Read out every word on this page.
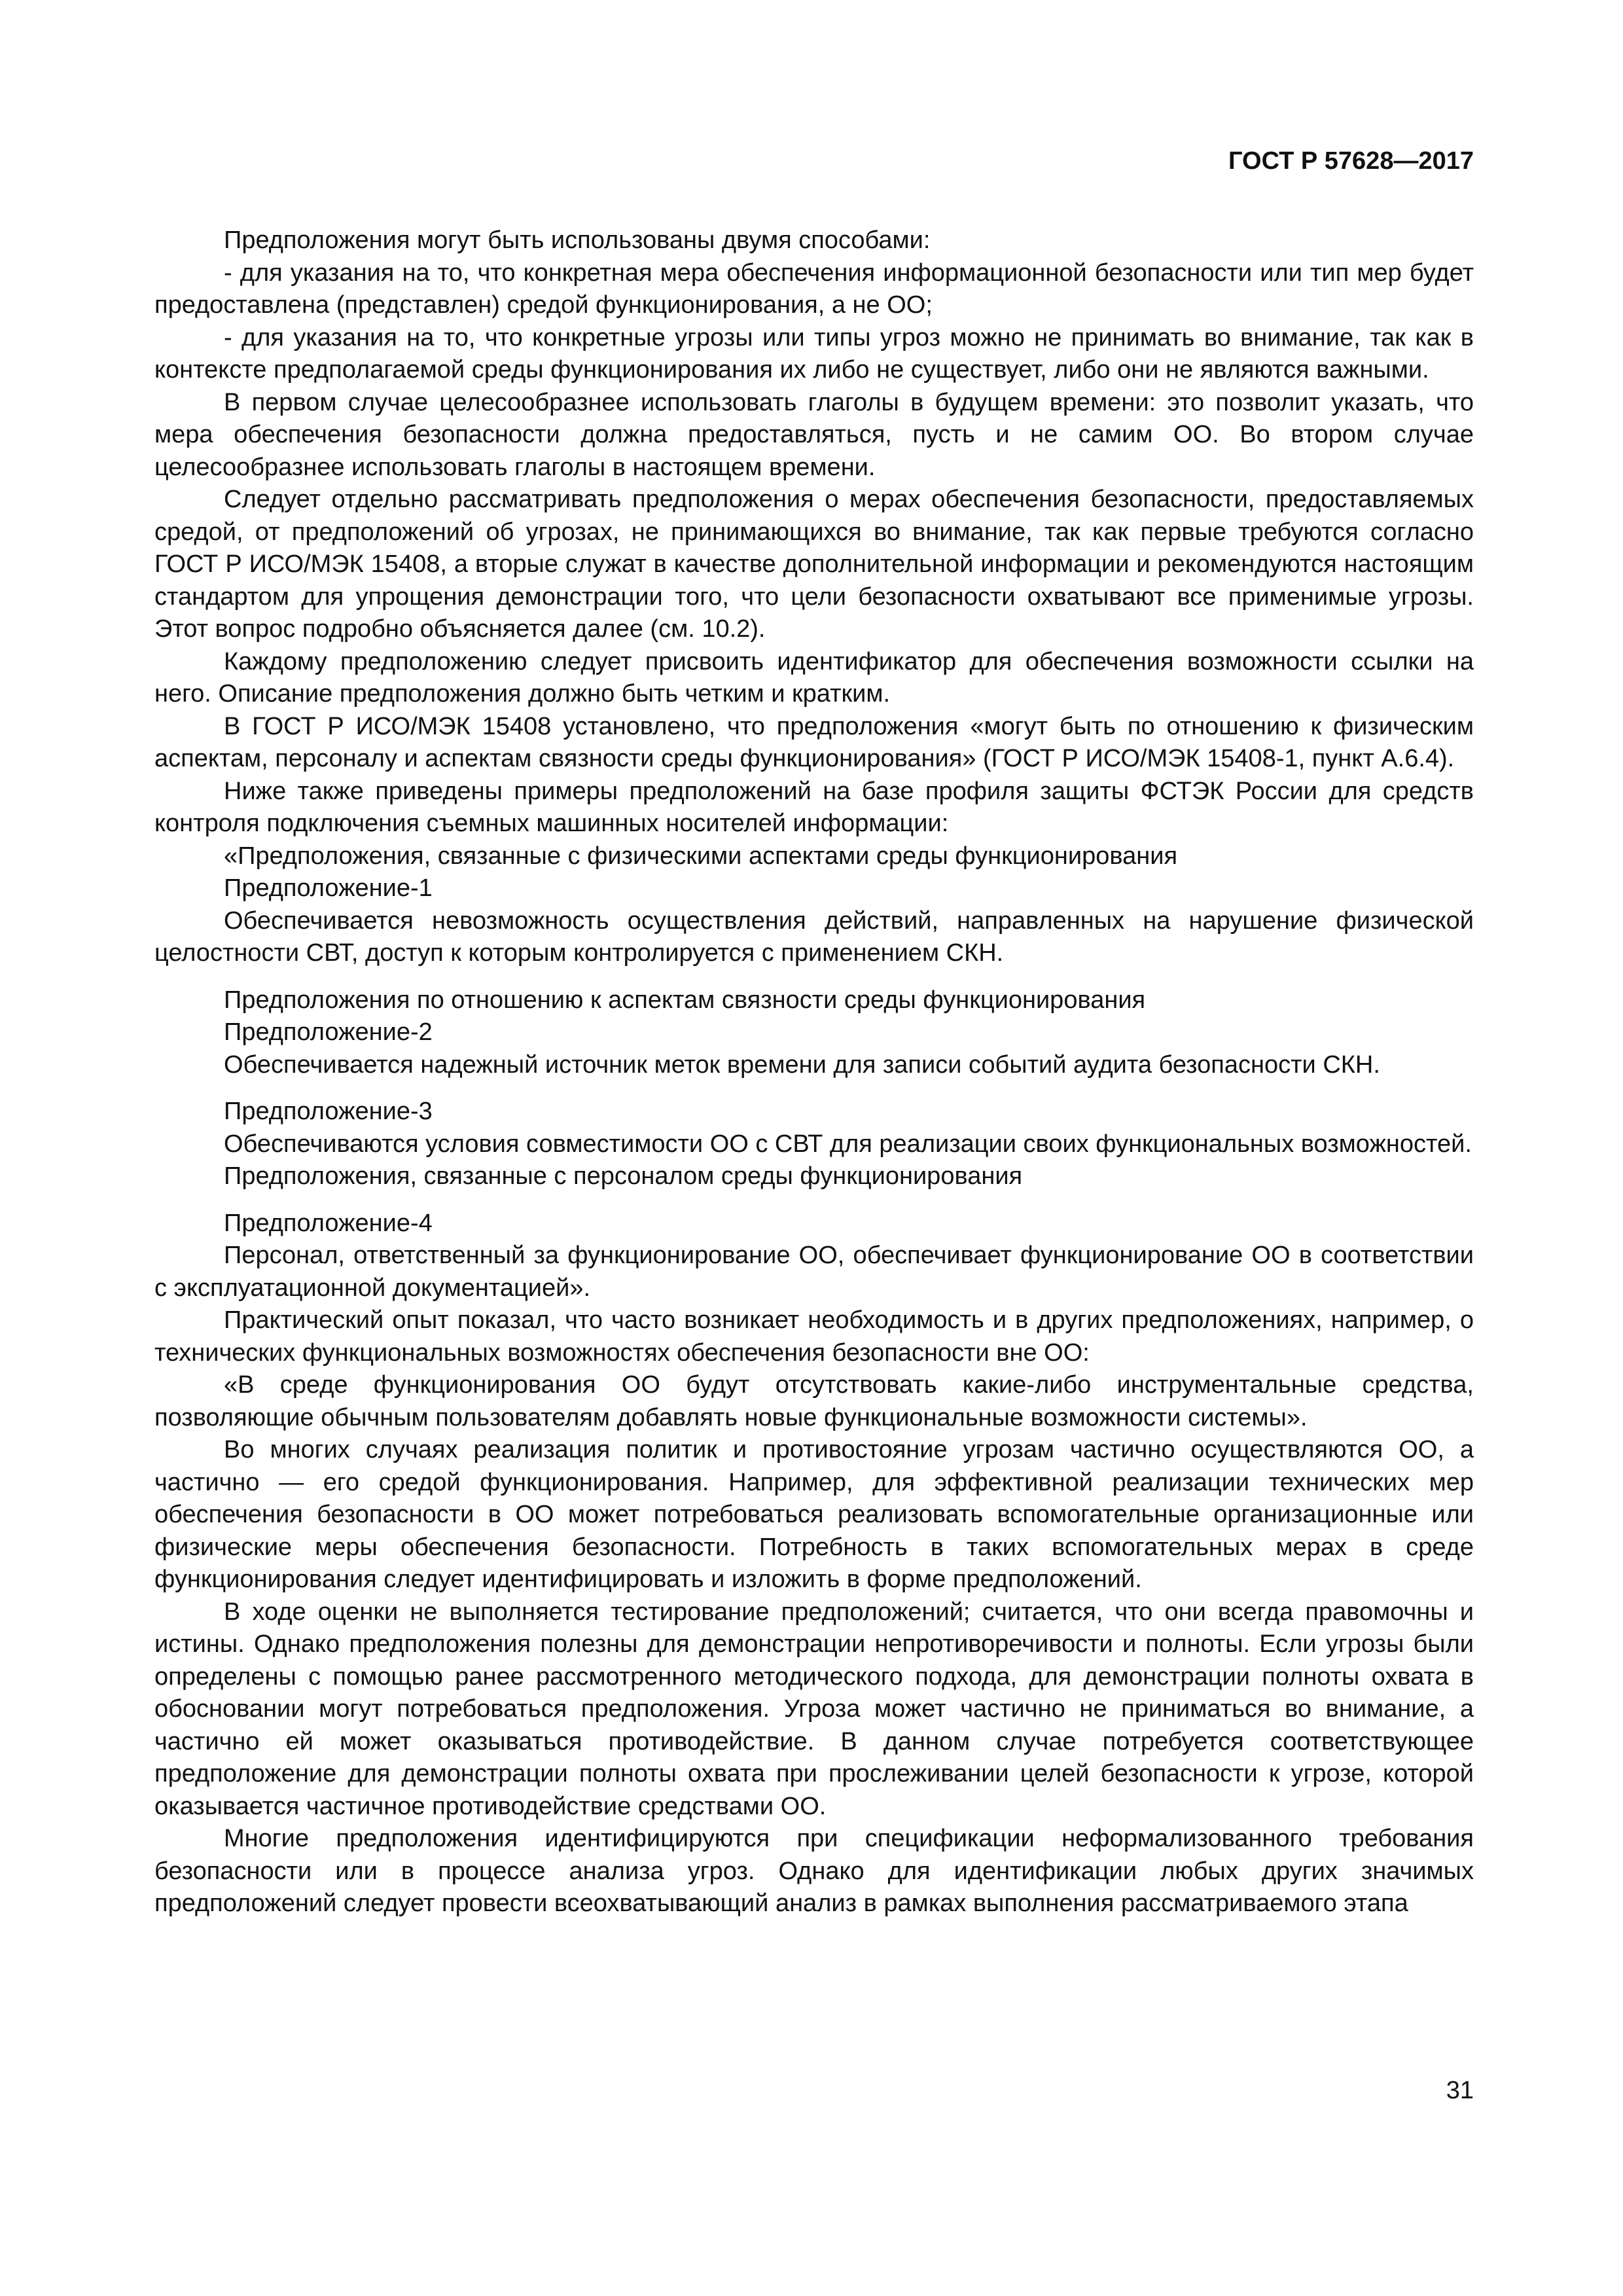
ГОСТ Р 57628—2017

Предположения могут быть использованы двумя способами:

- для указания на то, что конкретная мера обеспечения информационной безопасности или тип мер будет предоставлена (представлен) средой функционирования, а не ОО;

- для указания на то, что конкретные угрозы или типы угроз можно не принимать во внимание, так как в контексте предполагаемой среды функционирования их либо не существует, либо они не являются важными.

В первом случае целесообразнее использовать глаголы в будущем времени: это позволит указать, что мера обеспечения безопасности должна предоставляться, пусть и не самим ОО. Во втором случае целесообразнее использовать глаголы в настоящем времени.

Следует отдельно рассматривать предположения о мерах обеспечения безопасности, предоставляемых средой, от предположений об угрозах, не принимающихся во внимание, так как первые требуются согласно ГОСТ Р ИСО/МЭК 15408, а вторые служат в качестве дополнительной информации и рекомендуются настоящим стандартом для упрощения демонстрации того, что цели безопасности охватывают все применимые угрозы. Этот вопрос подробно объясняется далее (см. 10.2).

Каждому предположению следует присвоить идентификатор для обеспечения возможности ссылки на него. Описание предположения должно быть четким и кратким.

В ГОСТ Р ИСО/МЭК 15408 установлено, что предположения «могут быть по отношению к физическим аспектам, персоналу и аспектам связности среды функционирования» (ГОСТ Р ИСО/МЭК 15408-1, пункт А.6.4).

Ниже также приведены примеры предположений на базе профиля защиты ФСТЭК России для средств контроля подключения съемных машинных носителей информации:

«Предположения, связанные с физическими аспектами среды функционирования

Предположение-1

Обеспечивается невозможность осуществления действий, направленных на нарушение физической целостности СВТ, доступ к которым контролируется с применением СКН.

Предположения по отношению к аспектам связности среды функционирования

Предположение-2

Обеспечивается надежный источник меток времени для записи событий аудита безопасности СКН.

Предположение-3

Обеспечиваются условия совместимости ОО с СВТ для реализации своих функциональных возможностей.

Предположения, связанные с персоналом среды функционирования

Предположение-4

Персонал, ответственный за функционирование ОО, обеспечивает функционирование ОО в соответствии с эксплуатационной документацией».

Практический опыт показал, что часто возникает необходимость и в других предположениях, например, о технических функциональных возможностях обеспечения безопасности вне ОО:

«В среде функционирования ОО будут отсутствовать какие-либо инструментальные средства, позволяющие обычным пользователям добавлять новые функциональные возможности системы».

Во многих случаях реализация политик и противостояние угрозам частично осуществляются ОО, а частично — его средой функционирования. Например, для эффективной реализации технических мер обеспечения безопасности в ОО может потребоваться реализовать вспомогательные организационные или физические меры обеспечения безопасности. Потребность в таких вспомогательных мерах в среде функционирования следует идентифицировать и изложить в форме предположений.

В ходе оценки не выполняется тестирование предположений; считается, что они всегда правомочны и истины. Однако предположения полезны для демонстрации непротиворечивости и полноты. Если угрозы были определены с помощью ранее рассмотренного методического подхода, для демонстрации полноты охвата в обосновании могут потребоваться предположения. Угроза может частично не приниматься во внимание, а частично ей может оказываться противодействие. В данном случае потребуется соответствующее предположение для демонстрации полноты охвата при прослеживании целей безопасности к угрозе, которой оказывается частичное противодействие средствами ОО.

Многие предположения идентифицируются при спецификации неформализованного требования безопасности или в процессе анализа угроз. Однако для идентификации любых других значимых предположений следует провести всеохватывающий анализ в рамках выполнения рассматриваемого этапа

31
